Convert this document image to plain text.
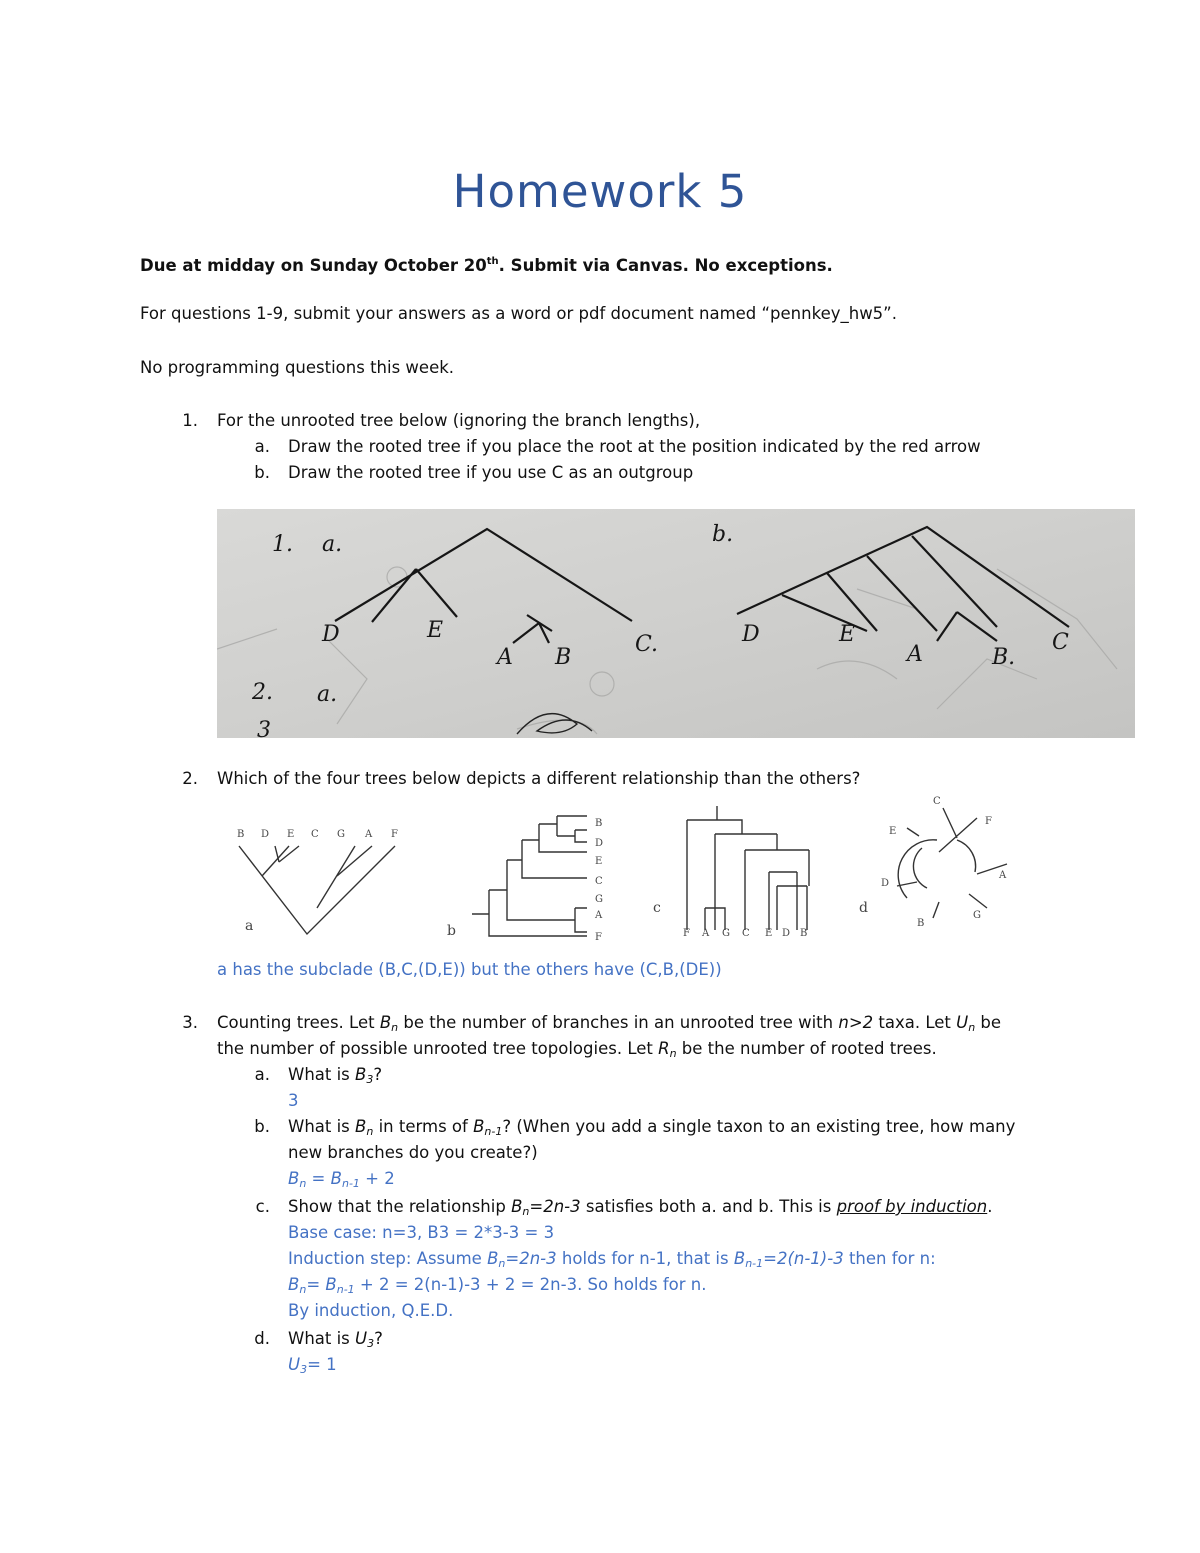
Homework 5
Due at midday on Sunday October 20th. Submit via Canvas. No exceptions.
For questions 1-9, submit your answers as a word or pdf document named “pennkey_hw5”.
No programming questions this week.
1. For the unrooted tree below (ignoring the branch lengths),
a. Draw the rooted tree if you place the root at the position indicated by the red arrow
b. Draw the rooted tree if you use C as an outgroup
1. a.	b.
D	E
A B
C.	D	E
A	B.
C
2. a.
3
2. Which of the four trees below depicts a different relationship than the others?
B D E C G A F
a
B
D
E
C
G
A
F
b	F A G C E D B
c
C
F
E
A
D
B
G
d
a has the subclade (B,C,(D,E)) but the others have (C,B,(DE))
3. Counting trees. Let $B_n$ be the number of branches in an unrooted tree with n>2 taxa. Let $U_n$ be
the number of possible unrooted tree topologies. Let $R_n$ be the number of rooted trees.
a. What is $B_3$?
3
b. What is $B_n$ in terms of $B_{n-1}$? (When you add a single taxon to an existing tree, how many
new branches do you create?)
$B_n = B_{n-1} + 2$
c. Show that the relationship $B_n=2n-3$ satisfies both a. and b. This is proof by induction.
Base case: n=3, B3 = 2*3-3 = 3
Induction step: Assume $B_n=2n-3$ holds for n-1, that is $B_{n-1}=2(n-1)-3$ then for n:
$B_n= B_{n-1} + 2 = 2(n-1)-3 + 2 = 2n-3$. So holds for n.
By induction, Q.E.D.
d. What is $U_3$?
$U_3= 1$
